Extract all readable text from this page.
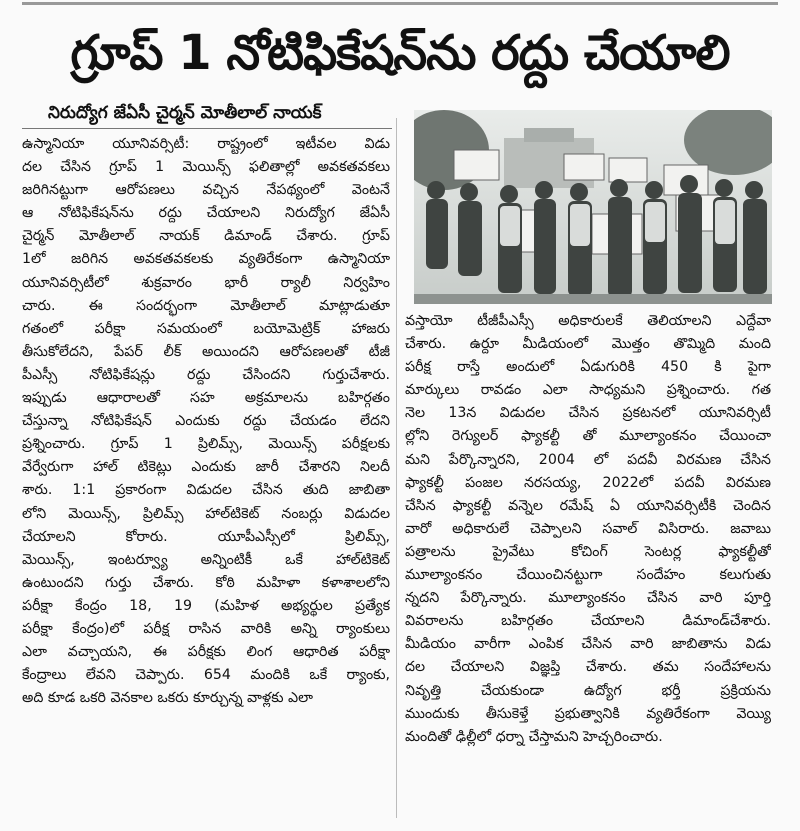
గ్రూప్ 1 నోటిఫికేషన్‌ను రద్దు చేయాలి
నిరుద్యోగ జేఏసీ చైర్మన్ మోతీలాల్ నాయక్
ఉస్మానియా యూనివర్సిటీ: రాష్ట్రంలో ఇటీవల విడు
దల చేసిన గ్రూప్ 1 మెయిన్స్ ఫలితాల్లో అవకతవకలు
జరిగినట్టుగా ఆరోపణలు వచ్చిన నేపథ్యంలో వెంటనే
ఆ నోటిఫికేషన్‌ను రద్దు చేయాలని నిరుద్యోగ జేఏసీ
చైర్మన్ మోతీలాల్ నాయక్ డిమాండ్ చేశారు. గ్రూప్
1లో జరిగిన అవకతవకలకు వ్యతిరేకంగా ఉస్మానియా
యూనివర్సిటీలో శుక్రవారం భారీ ర్యాలీ నిర్వహిం
చారు. ఈ సందర్భంగా మోతీలాల్ మాట్లాడుతూ
గతంలో పరీక్షా సమయంలో బయోమెట్రిక్ హాజరు
తీసుకోలేదని, పేపర్ లీక్ అయిందని ఆరోపణలతో టీజీ
పీఎస్సీ నోటిఫికేషన్లు రద్దు చేసిందని గుర్తుచేశారు.
ఇప్పుడు ఆధారాలతో సహ అక్రమాలను బహిర్గతం
చేస్తున్నా నోటిఫికేషన్ ఎందుకు రద్దు చేయడం లేదని
ప్రశ్నించారు. గ్రూప్ 1 ప్రిలిమ్స్, మెయిన్స్ పరీక్షలకు
వేర్వేరుగా హాల్ టికెట్లు ఎందుకు జారీ చేశారని నిలదీ
శారు. 1:1 ప్రకారంగా విడుదల చేసిన తుది జాబితా
లోని మెయిన్స్, ప్రిలిమ్స్ హాల్‌టికెట్ నంబర్లు విడుదల
చేయాలని కోరారు. యూపీఎస్సీలో ప్రిలిమ్స్,
మెయిన్స్, ఇంటర్వ్యూ అన్నింటికీ ఒకే హాల్‌టికెట్
ఉంటుందని గుర్తు చేశారు. కోఠి మహిళా కళాశాలలోని
పరీక్షా కేంద్రం 18, 19 (మహిళ అభ్యర్థుల ప్రత్యేక
పరీక్షా కేంద్రం)లో పరీక్ష రాసిన వారికి అన్ని ర్యాంకులు
ఎలా వచ్చాయని, ఈ పరీక్షకు లింగ ఆధారిత పరీక్షా
కేంద్రాలు లేవని చెప్పారు. 654 మందికి ఒకే ర్యాంకు,
అది కూడ ఒకరి వెనకాల ఒకరు కూర్చున్న వాళ్లకు ఎలా
వస్తాయో టీజీపీఎస్సీ అధికారులకే తెలియాలని ఎద్దేవా
చేశారు. ఉర్దూ మీడియంలో మొత్తం తొమ్మిది మంది
పరీక్ష రాస్తే అందులో ఏడుగురికి 450 కి పైగా
మార్కులు రావడం ఎలా సాధ్యమని ప్రశ్నించారు. గత
నెల 13న విడుదల చేసిన ప్రకటనలో యూనివర్సిటీ
ల్లోని రెగ్యులర్ ఫ్యాకల్టీ తో మూల్యాంకనం చేయించా
మని పేర్కొన్నారని, 2004 లో పదవీ విరమణ చేసిన
ఫ్యాకల్టీ పంజల నరసయ్య, 2022లో పదవీ విరమణ
చేసిన ఫ్యాకల్టీ వన్నెల రమేష్ ఏ యూనివర్సిటీకి చెందిన
వారో అధికారులే చెప్పాలని సవాల్ విసిరారు. జవాబు
పత్రాలను ప్రైవేటు కోచింగ్ సెంటర్ల ఫ్యాకల్టీతో
మూల్యాంకనం చేయించినట్టుగా సందేహం కలుగుతు
న్నదని పేర్కొన్నారు. మూల్యాంకనం చేసిన వారి పూర్తి
వివరాలను బహిర్గతం చేయాలని డిమాండ్‌చేశారు.
మీడియం వారీగా ఎంపిక చేసిన వారి జాబితాను విడు
దల చేయాలని విజ్ఞప్తి చేశారు. తమ సందేహాలను
నివృత్తి చేయకుండా ఉద్యోగ భర్తీ ప్రక్రియను
ముందుకు తీసుకెళ్తే ప్రభుత్వానికి వ్యతిరేకంగా వెయ్యి
మందితో ఢిల్లీలో ధర్నా చేస్తామని హెచ్చరించారు.
